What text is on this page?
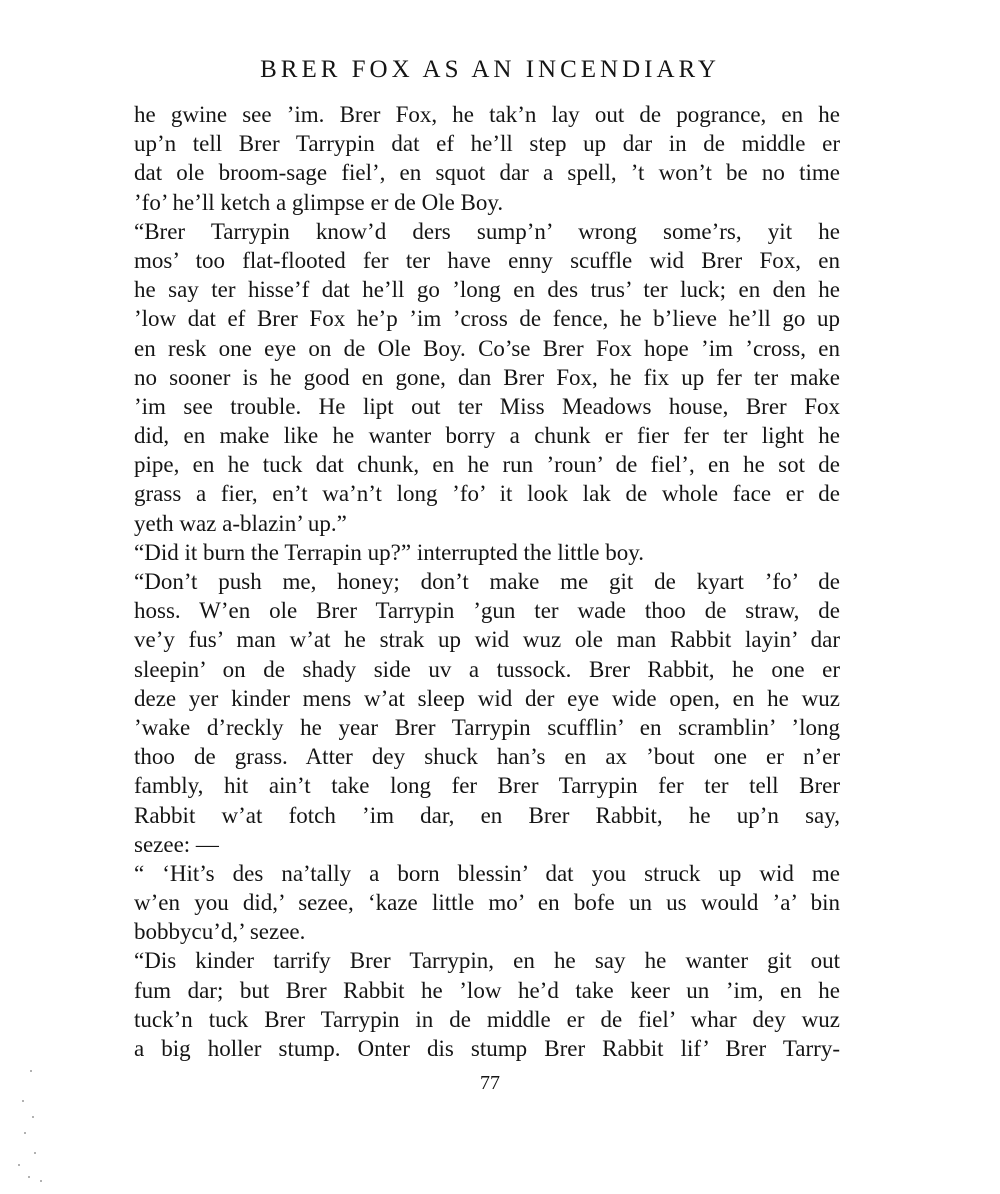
BRER FOX AS AN INCENDIARY
he gwine see ’im. Brer Fox, he tak’n lay out de pogrance, en he
up’n tell Brer Tarrypin dat ef he’ll step up dar in de middle er
dat ole broom-sage fiel’, en squot dar a spell, ’t won’t be no time
’fo’ he’ll ketch a glimpse er de Ole Boy.
“Brer Tarrypin know’d ders sump’n’ wrong some’rs, yit he
mos’ too flat-flooted fer ter have enny scuffle wid Brer Fox, en
he say ter hisse’f dat he’ll go ’long en des trus’ ter luck; en den he
’low dat ef Brer Fox he’p ’im ’cross de fence, he b’lieve he’ll go up
en resk one eye on de Ole Boy. Co’se Brer Fox hope ’im ’cross, en
no sooner is he good en gone, dan Brer Fox, he fix up fer ter make
’im see trouble. He lipt out ter Miss Meadows house, Brer Fox
did, en make like he wanter borry a chunk er fier fer ter light he
pipe, en he tuck dat chunk, en he run ’roun’ de fiel’, en he sot de
grass a fier, en’t wa’n’t long ’fo’ it look lak de whole face er de
yeth waz a-blazin’ up.”
“Did it burn the Terrapin up?” interrupted the little boy.
“Don’t push me, honey; don’t make me git de kyart ’fo’ de
hoss. W’en ole Brer Tarrypin ’gun ter wade thoo de straw, de
ve’y fus’ man w’at he strak up wid wuz ole man Rabbit layin’ dar
sleepin’ on de shady side uv a tussock. Brer Rabbit, he one er
deze yer kinder mens w’at sleep wid der eye wide open, en he wuz
’wake d’reckly he year Brer Tarrypin scufflin’ en scramblin’ ’long
thoo de grass. Atter dey shuck han’s en ax ’bout one er n’er
fambly, hit ain’t take long fer Brer Tarrypin fer ter tell Brer
Rabbit w’at fotch ’im dar, en Brer Rabbit, he up’n say,
sezee: —
“ ‘Hit’s des na’tally a born blessin’ dat you struck up wid me
w’en you did,’ sezee, ‘kaze little mo’ en bofe un us would ’a’ bin
bobbycu’d,’ sezee.
“Dis kinder tarrify Brer Tarrypin, en he say he wanter git out
fum dar; but Brer Rabbit he ’low he’d take keer un ’im, en he
tuck’n tuck Brer Tarrypin in de middle er de fiel’ whar dey wuz
a big holler stump. Onter dis stump Brer Rabbit lif’ Brer Tarry-
77
